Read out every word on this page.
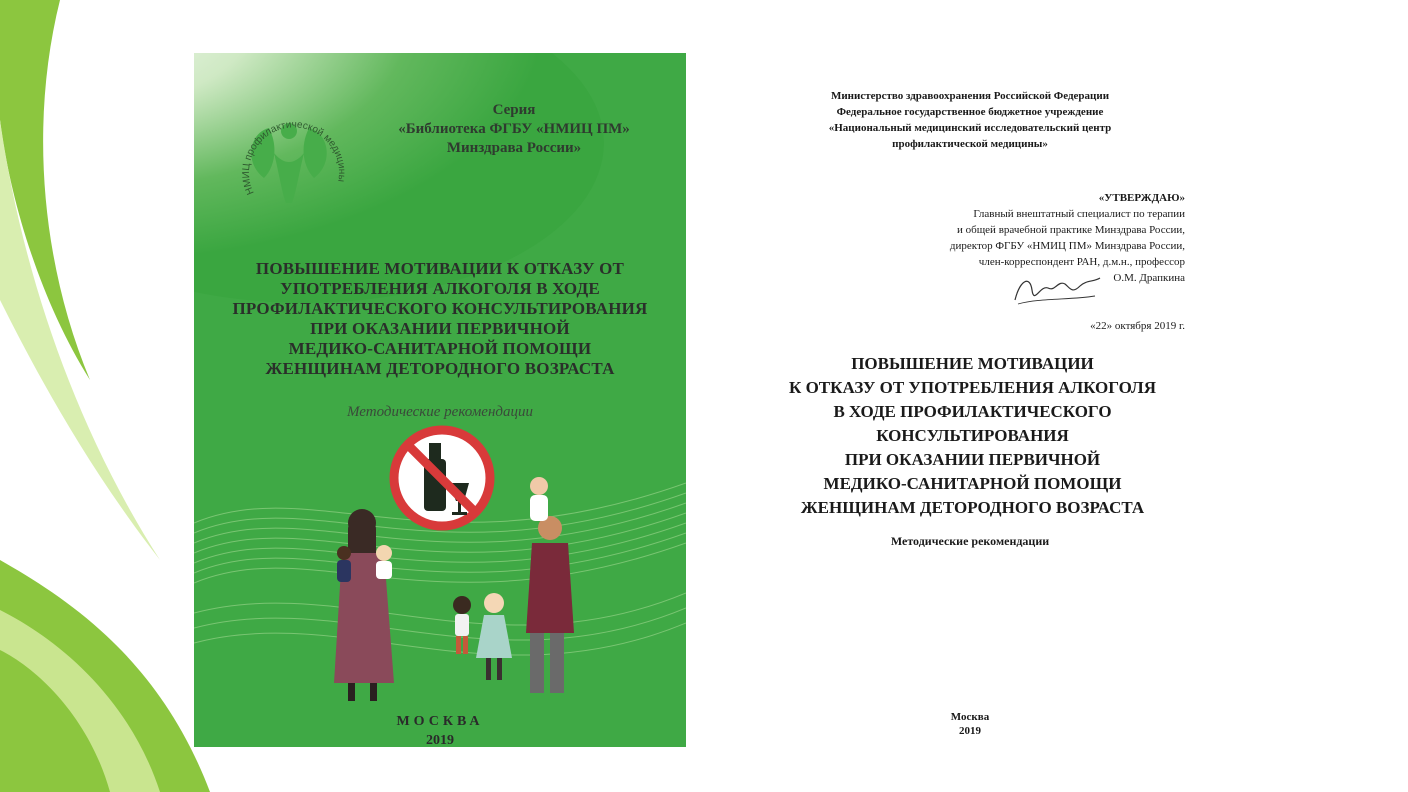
НМИЦ профилактической медицины
Серия
«Библиотека ФГБУ «НМИЦ ПМ»
Минздрава России»
ПОВЫШЕНИЕ МОТИВАЦИИ К ОТКАЗУ ОТ
УПОТРЕБЛЕНИЯ АЛКОГОЛЯ В ХОДЕ
ПРОФИЛАКТИЧЕСКОГО КОНСУЛЬТИРОВАНИЯ
ПРИ ОКАЗАНИИ ПЕРВИЧНОЙ
МЕДИКО-САНИТАРНОЙ ПОМОЩИ
ЖЕНЩИНАМ ДЕТОРОДНОГО ВОЗРАСТА
Методические рекомендации
МОСКВА
2019
Министерство здравоохранения Российской Федерации
Федеральное государственное бюджетное учреждение
«Национальный медицинский исследовательский центр
профилактической медицины»
«УТВЕРЖДАЮ»
Главный внештатный специалист по терапии
и общей врачебной практике Минздрава России,
директор ФГБУ «НМИЦ ПМ» Минздрава России,
член-корреспондент РАН, д.м.н., профессор
О.М. Драпкина
«22» октября 2019 г.
ПОВЫШЕНИЕ МОТИВАЦИИ
К ОТКАЗУ ОТ УПОТРЕБЛЕНИЯ АЛКОГОЛЯ
В ХОДЕ ПРОФИЛАКТИЧЕСКОГО
КОНСУЛЬТИРОВАНИЯ
ПРИ ОКАЗАНИИ ПЕРВИЧНОЙ
МЕДИКО-САНИТАРНОЙ ПОМОЩИ
ЖЕНЩИНАМ ДЕТОРОДНОГО ВОЗРАСТА
Методические рекомендации
Москва
2019
